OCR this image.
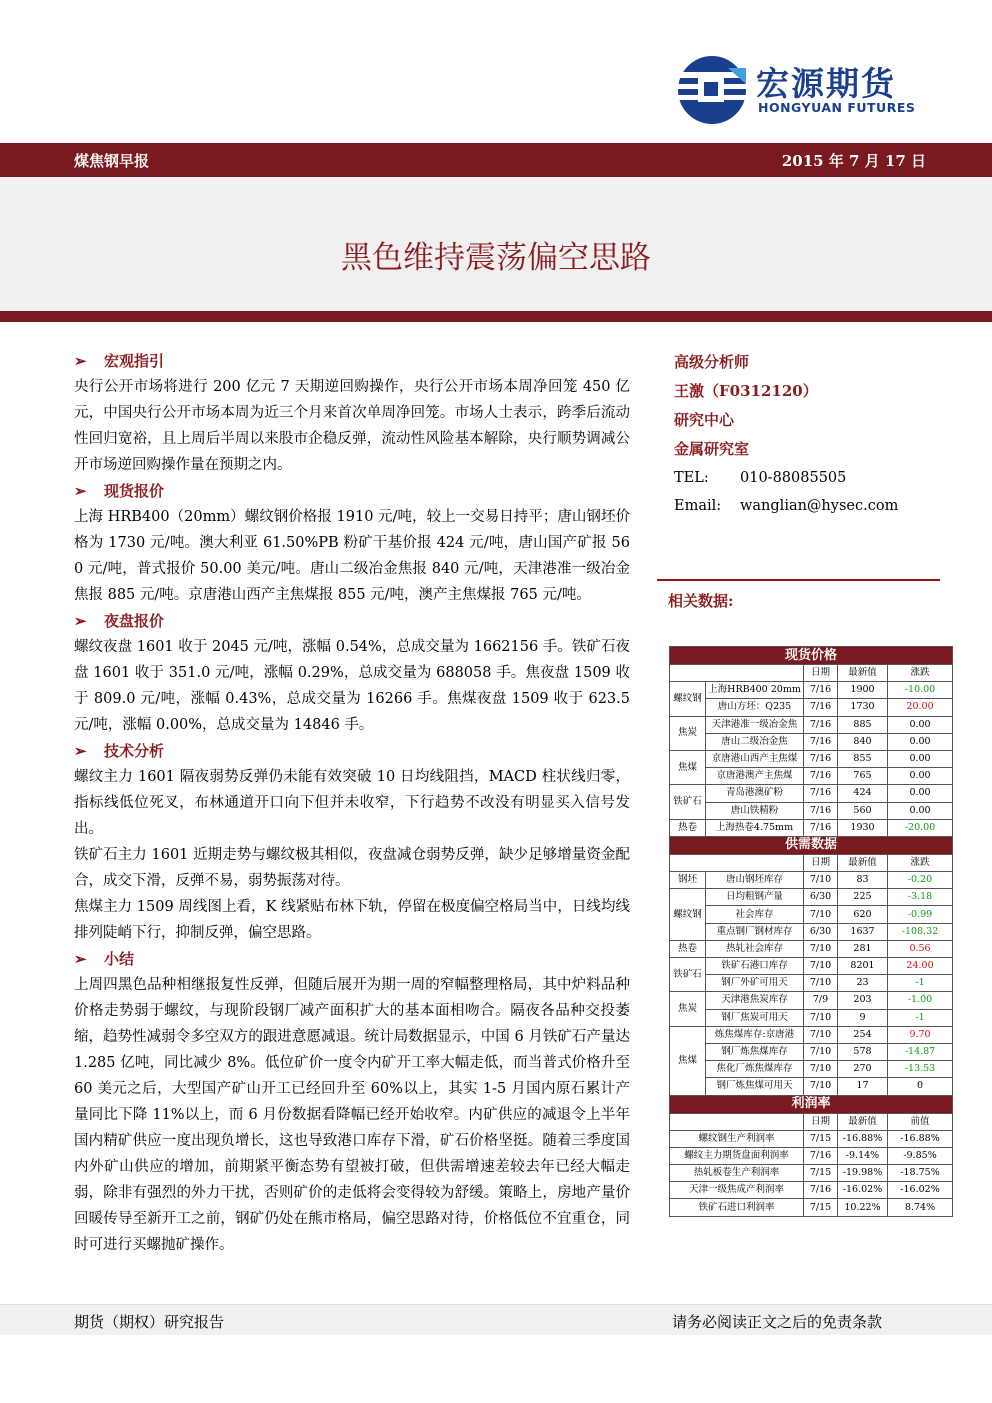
宏源期货
HONGYUAN FUTURES
煤焦钢早报	2015 年 7 月 17 日
黑色维持震荡偏空思路
➢ 宏观指引
央行公开市场将进行 200 亿元 7 天期逆回购操作，央行公开市场本周净回笼 450 亿元，中国央行公开市场本周为近三个月来首次单周净回笼。市场人士表示，跨季后流动性回归宽裕，且上周后半周以来股市企稳反弹，流动性风险基本解除，央行顺势调减公开市场逆回购操作量在预期之内。
➢ 现货报价
上海 HRB400（20mm）螺纹钢价格报 1910 元/吨，较上一交易日持平；唐山钢坯价格为 1730 元/吨。澳大利亚 61.50%PB 粉矿干基价报 424 元/吨，唐山国产矿报 560 元/吨，普式报价 50.00 美元/吨。唐山二级冶金焦报 840 元/吨，天津港准一级冶金焦报 885 元/吨。京唐港山西产主焦煤报 855 元/吨，澳产主焦煤报 765 元/吨。
➢ 夜盘报价
螺纹夜盘 1601 收于 2045 元/吨，涨幅 0.54%，总成交量为 1662156 手。铁矿石夜盘 1601 收于 351.0 元/吨，涨幅 0.29%，总成交量为 688058 手。焦夜盘 1509 收于 809.0 元/吨，涨幅 0.43%，总成交量为 16266 手。焦煤夜盘 1509 收于 623.5 元/吨，涨幅 0.00%，总成交量为 14846 手。
➢ 技术分析
螺纹主力 1601 隔夜弱势反弹仍未能有效突破 10 日均线阻挡，MACD 柱状线归零，指标线低位死叉，布林通道开口向下但并未收窄，下行趋势不改没有明显买入信号发出。
铁矿石主力 1601 近期走势与螺纹极其相似，夜盘减仓弱势反弹，缺少足够增量资金配合，成交下滑，反弹不易，弱势振荡对待。
焦煤主力 1509 周线图上看，K 线紧贴布林下轨，停留在极度偏空格局当中，日线均线排列陡峭下行，抑制反弹，偏空思路。
➢ 小结
上周四黑色品种相继报复性反弹，但随后展开为期一周的窄幅整理格局，其中炉料品种价格走势弱于螺纹，与现阶段钢厂减产面积扩大的基本面相吻合。隔夜各品种交投萎缩，趋势性减弱令多空双方的跟进意愿减退。统计局数据显示，中国 6 月铁矿石产量达 1.285 亿吨，同比减少 8%。低位矿价一度令内矿开工率大幅走低，而当普式价格升至 60 美元之后，大型国产矿山开工已经回升至 60%以上，其实 1-5 月国内原石累计产量同比下降 11%以上，而 6 月份数据看降幅已经开始收窄。内矿供应的减退令上半年国内精矿供应一度出现负增长，这也导致港口库存下滑，矿石价格坚挺。随着三季度国内外矿山供应的增加，前期紧平衡态势有望被打破，但供需增速差较去年已经大幅走弱，除非有强烈的外力干扰，否则矿价的走低将会变得较为舒缓。策略上，房地产量价回暖传导至新开工之前，钢矿仍处在熊市格局，偏空思路对待，价格低位不宜重仓，同时可进行买螺抛矿操作。
高级分析师
王激（F0312120）
研究中心
金属研究室
TEL: 010-88085505
Email: wanglian@hysec.com
相关数据:
现货价格				
		日期	最新值	涨跌
螺纹钢	上海HRB400 20mm	7/16	1900	-10.00
	唐山方坯：Q235	7/16	1730	20.00
焦炭	天津港准一级冶金焦	7/16	885	0.00
	唐山二级冶金焦	7/16	840	0.00
焦煤	京唐港山西产主焦煤	7/16	855	0.00
	京唐港澳产主焦煤	7/16	765	0.00
铁矿石	青岛港澳矿粉	7/16	424	0.00
	唐山铁精粉	7/16	560	0.00
热卷	上海热卷4.75mm	7/16	1930	-20.00
供需数据				
		日期	最新值	涨跌
钢坯	唐山钢坯库存	7/10	83	-0.20
螺纹钢	日均粗钢产量	6/30	225	-3.18
	社会库存	7/10	620	-0.99
	重点钢厂钢材库存	6/30	1637	-108.32
热卷	热轧社会库存	7/10	281	0.56
铁矿石	铁矿石港口库存	7/10	8201	24.00
	钢厂外矿可用天	7/10	23	-1
焦炭	天津港焦炭库存	7/9	203	-1.00
	钢厂焦炭可用天	7/10	9	-1
焦煤	炼焦煤库存:京唐港	7/10	254	9.70
	钢厂炼焦煤库存	7/10	578	-14.87
	焦化厂炼焦煤库存	7/10	270	-13.53
	钢厂炼焦煤可用天	7/10	17	0
利润率				
		日期	最新值	前值
螺纹钢生产利润率		7/15	-16.88%	-16.88%
螺纹主力期货盘面利润率		7/16	-9.14%	-9.85%
热轧板卷生产利润率		7/15	-19.98%	-18.75%
天津一级焦成产利润率		7/16	-16.02%	-16.02%
铁矿石进口利润率		7/15	10.22%	8.74%
期货（期权）研究报告	请务必阅读正文之后的免责条款
